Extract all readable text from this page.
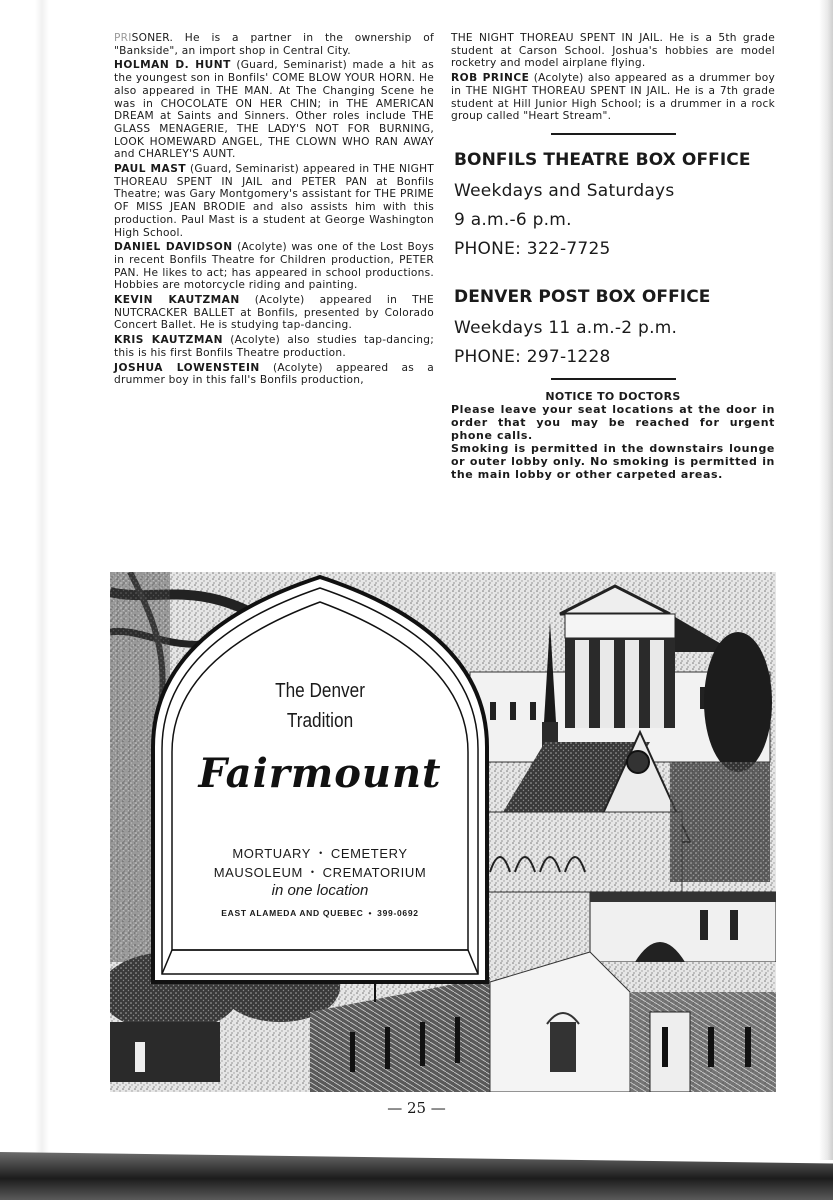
PRISONER. He is a partner in the ownership of "Bankside", an import shop in Central City.

HOLMAN D. HUNT (Guard, Seminarist) made a hit as the youngest son in Bonfils' COME BLOW YOUR HORN. He also appeared in THE MAN. At The Changing Scene he was in CHOCOLATE ON HER CHIN; in THE AMERICAN DREAM at Saints and Sinners. Other roles include THE GLASS MENAGERIE, THE LADY'S NOT FOR BURNING, LOOK HOMEWARD ANGEL, THE CLOWN WHO RAN AWAY and CHARLEY'S AUNT.

PAUL MAST (Guard, Seminarist) appeared in THE NIGHT THOREAU SPENT IN JAIL and PETER PAN at Bonfils Theatre; was Gary Montgomery's assistant for THE PRIME OF MISS JEAN BRODIE and also assists him with this production. Paul Mast is a student at George Washington High School.

DANIEL DAVIDSON (Acolyte) was one of the Lost Boys in recent Bonfils Theatre for Children production, PETER PAN. He likes to act; has appeared in school productions. Hobbies are motorcycle riding and painting.

KEVIN KAUTZMAN (Acolyte) appeared in THE NUTCRACKER BALLET at Bonfils, presented by Colorado Concert Ballet. He is studying tap-dancing.

KRIS KAUTZMAN (Acolyte) also studies tap-dancing; this is his first Bonfils Theatre production.

JOSHUA LOWENSTEIN (Acolyte) appeared as a drummer boy in this fall's Bonfils production,

THE NIGHT THOREAU SPENT IN JAIL. He is a 5th grade student at Carson School. Joshua's hobbies are model rocketry and model airplane flying.

ROB PRINCE (Acolyte) also appeared as a drummer boy in THE NIGHT THOREAU SPENT IN JAIL. He is a 7th grade student at Hill Junior High School; is a drummer in a rock group called "Heart Stream".

BONFILS THEATRE BOX OFFICE
Weekdays and Saturdays
9 a.m.-6 p.m.
PHONE: 322-7725
DENVER POST BOX OFFICE
Weekdays 11 a.m.-2 p.m.
PHONE: 297-1228
NOTICE TO DOCTORS

Please leave your seat locations at the door in order that you may be reached for urgent phone calls.

Smoking is permitted in the downstairs lounge or outer lobby only. No smoking is permitted in the main lobby or other carpeted areas.

The Denver
Tradition
Fairmount
MORTUARY • CEMETERY
MAUSOLEUM • CREMATORIUM
in one location
EAST ALAMEDA AND QUEBEC • 399-0692
— 25 —
